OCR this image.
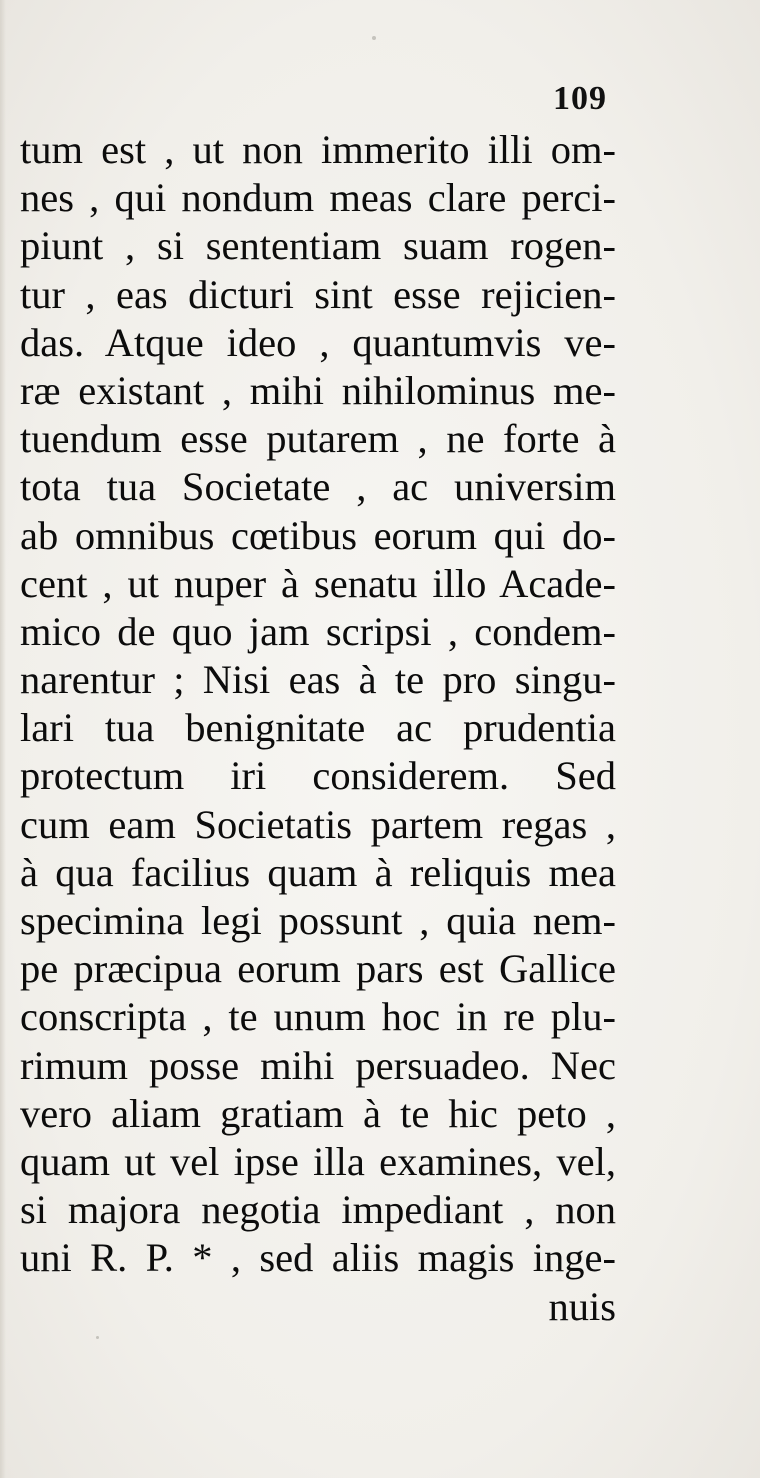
109
tum est , ut non immerito illi om-
nes , qui nondum meas clare perci-
piunt , si sententiam suam rogen-
tur , eas dicturi sint esse rejicien-
das. Atque ideo , quantumvis ve-
ræ existant , mihi nihilominus me-
tuendum esse putarem , ne forte à
tota tua Societate , ac universim
ab omnibus cœtibus eorum qui do-
cent , ut nuper à senatu illo Acade-
mico de quo jam scripsi , condem-
narentur ; Nisi eas à te pro singu-
lari tua benignitate ac prudentia
protectum iri considerem. Sed
cum eam Societatis partem regas ,
à qua facilius quam à reliquis mea
specimina legi possunt , quia nem-
pe præcipua eorum pars est Gallice
conscripta , te unum hoc in re plu-
rimum posse mihi persuadeo. Nec
vero aliam gratiam à te hic peto ,
quam ut vel ipse illa examines, vel,
si majora negotia impediant , non
uni R. P. * , sed aliis magis inge-
nuis
